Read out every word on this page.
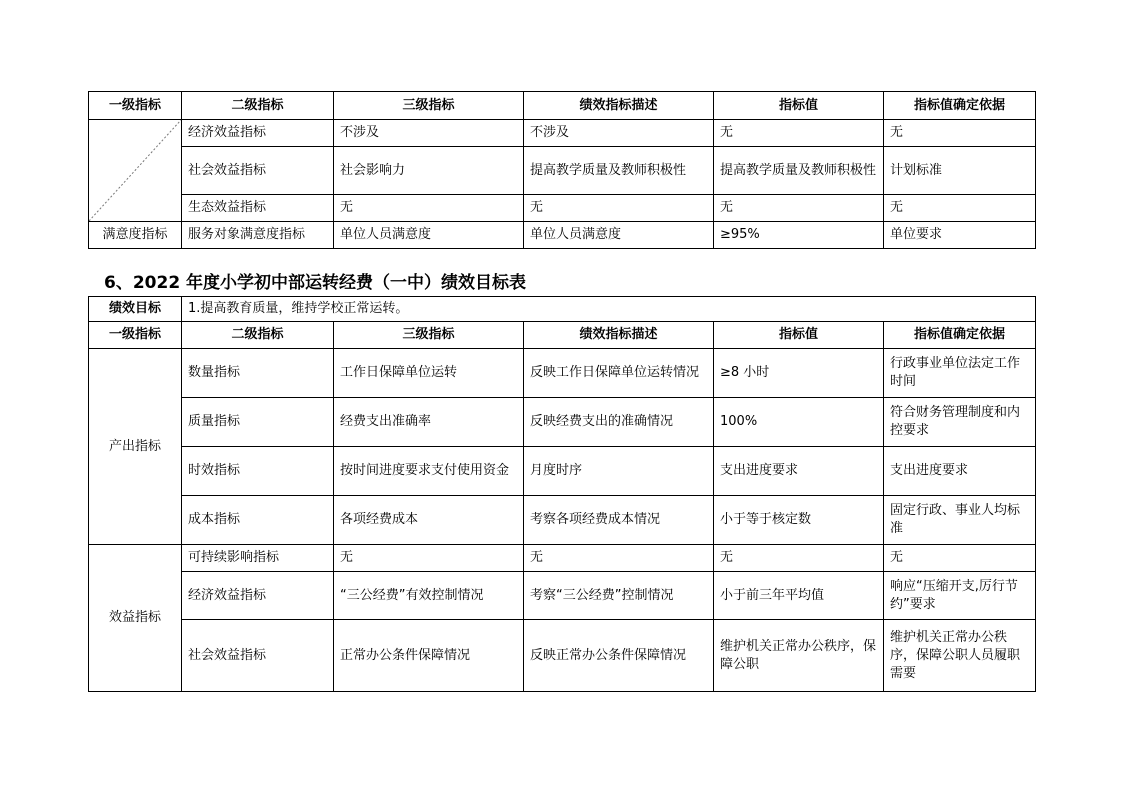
一级指标	二级指标	三级指标	绩效指标描述	指标值	指标值确定依据

	经济效益指标	不涉及	不涉及	无	无
	社会效益指标	社会影响力	提高教学质量及教师积极性	提高教学质量及教师积极性	计划标准
	生态效益指标	无	无	无	无
满意度指标	服务对象满意度指标	单位人员满意度	单位人员满意度	≥95%	单位要求
6、2022 年度小学初中部运转经费（一中）绩效目标表
绩效目标	1.提高教育质量，维持学校正常运转。				
一级指标	二级指标	三级指标	绩效指标描述	指标值	指标值确定依据
产出指标	数量指标	工作日保障单位运转	反映工作日保障单位运转情况	≥8 小时	行政事业单位法定工作时间
	质量指标	经费支出准确率	反映经费支出的准确情况	100%	符合财务管理制度和内控要求
	时效指标	按时间进度要求支付使用资金	月度时序	支出进度要求	支出进度要求
	成本指标	各项经费成本	考察各项经费成本情况	小于等于核定数	固定行政、事业人均标准
效益指标	可持续影响指标	无	无	无	无
	经济效益指标	“三公经费”有效控制情况	考察“三公经费”控制情况	小于前三年平均值	响应“压缩开支,厉行节约”要求
	社会效益指标	正常办公条件保障情况	反映正常办公条件保障情况	维护机关正常办公秩序，保障公职	维护机关正常办公秩序，保障公职人员履职需要
